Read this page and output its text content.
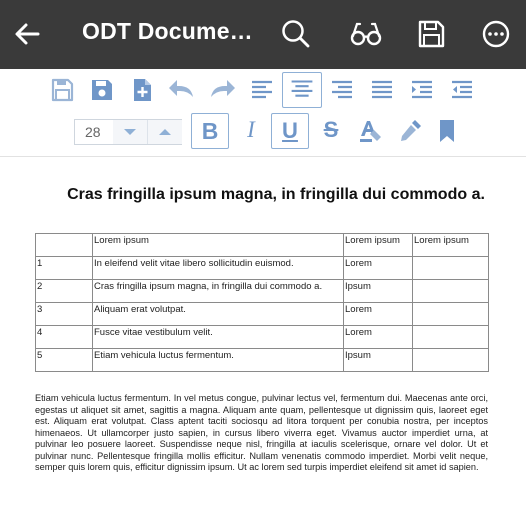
ODT Docume…
28	B	I	U	S
Cras fringilla ipsum magna, in fringilla dui commodo a.
	Lorem ipsum	Lorem ipsum	Lorem ipsum
1	In eleifend velit vitae libero sollicitudin euismod.	Lorem	
2	Cras fringilla ipsum magna, in fringilla dui commodo a.	Ipsum	
3	Aliquam erat volutpat.	Lorem	
4	Fusce vitae vestibulum velit.	Lorem	
5	Etiam vehicula luctus fermentum.	Ipsum	
Etiam vehicula luctus fermentum. In vel metus congue, pulvinar lectus vel, fermentum dui. Maecenas ante orci, egestas ut aliquet sit amet, sagittis a magna. Aliquam ante quam, pellentesque ut dignissim quis, laoreet eget est. Aliquam erat volutpat. Class aptent taciti sociosqu ad litora torquent per conubia nostra, per inceptos himenaeos. Ut ullamcorper justo sapien, in cursus libero viverra eget. Vivamus auctor imperdiet urna, at pulvinar leo posuere laoreet. Suspendisse neque nisl, fringilla at iaculis scelerisque, ornare vel dolor. Ut et pulvinar nunc. Pellentesque fringilla mollis efficitur. Nullam venenatis commodo imperdiet. Morbi velit neque, semper quis lorem quis, efficitur dignissim ipsum. Ut ac lorem sed turpis imperdiet eleifend sit amet id sapien.
